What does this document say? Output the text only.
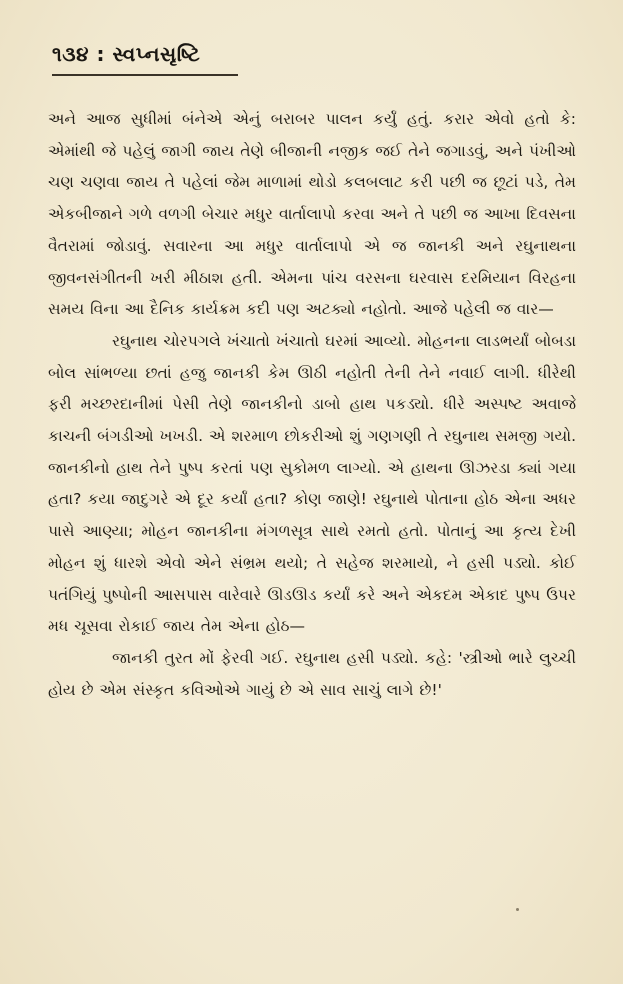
૧૩૪ : સ્વપ્નસૃષ્ટિ

અને આજ સુધીમાં બંનેએ એનું બરાબર પાલન કર્યું હતું. કરાર એવો હતો કે: એમાંથી જે પહેલું જાગી જાય તેણે બીજાની નજીક જઈ તેને જગાડવું, અને પંખીઓ ચણ ચણવા જાય તે પહેલાં જેમ માળામાં થોડો કલબલાટ કરી પછી જ છૂટાં પડે, તેમ એકબીજાને ગળે વળગી બેચાર મધુર વાર્તાલાપો કરવા અને તે પછી જ આખા દિવસના વૈતરામાં જોડાવું. સવારના આ મધુર વાર્તાલાપો એ જ જાનકી અને રઘુનાથના જીવનસંગીતની ખરી મીઠાશ હતી. એમના પાંચ વરસના ઘરવાસ દરમિયાન વિરહના સમય વિના આ દૈનિક કાર્યક્રમ કદી પણ અટક્યો નહોતો. આજે પહેલી જ વાર—

રઘુનાથ ચોરપગલે ખંચાતો ખંચાતો ઘરમાં આવ્યો. મોહનના લાડભર્યાં બોબડા બોલ સાંભળ્યા છતાં હજુ જાનકી કેમ ઊઠી નહોતી તેની તેને નવાઈ લાગી. ધીરેથી ફરી મચ્છરદાનીમાં પેસી તેણે જાનકીનો ડાબો હાથ પકડ્યો. ધીરે અસ્પષ્ટ અવાજે કાચની બંગડીઓ ખખડી. એ શરમાળ છોકરીઓ શું ગણગણી તે રઘુનાથ સમજી ગયો. જાનકીનો હાથ તેને પુષ્પ કરતાં પણ સુકોમળ લાગ્યો. એ હાથના ઊઝરડા ક્યાં ગયા હતા? કયા જાદુગરે એ દૂર કર્યાં હતા? કોણ જાણે! રઘુનાથે પોતાના હોઠ એના અધર પાસે આણ્યા; મોહન જાનકીના મંગળસૂત્ર સાથે રમતો હતો. પોતાનું આ કૃત્ય દેખી મોહન શું ધારશે એવો એને સંભ્રમ થયો; તે સહેજ શરમાયો, ને હસી પડ્યો. કોઈ પતંગિયું પુષ્પોની આસપાસ વારેવારે ઊડઊડ કર્યાં કરે અને એકદમ એકાદ પુષ્પ ઉપર મધ ચૂસવા રોકાઈ જાય તેમ એના હોઠ—

જાનકી તુરત મોં ફેરવી ગઈ. રઘુનાથ હસી પડ્યો. કહે: 'સ્ત્રીઓ ભારે લુચ્ચી હોય છે એમ સંસ્કૃત કવિઓએ ગાયું છે એ સાવ સાચું લાગે છે!'
